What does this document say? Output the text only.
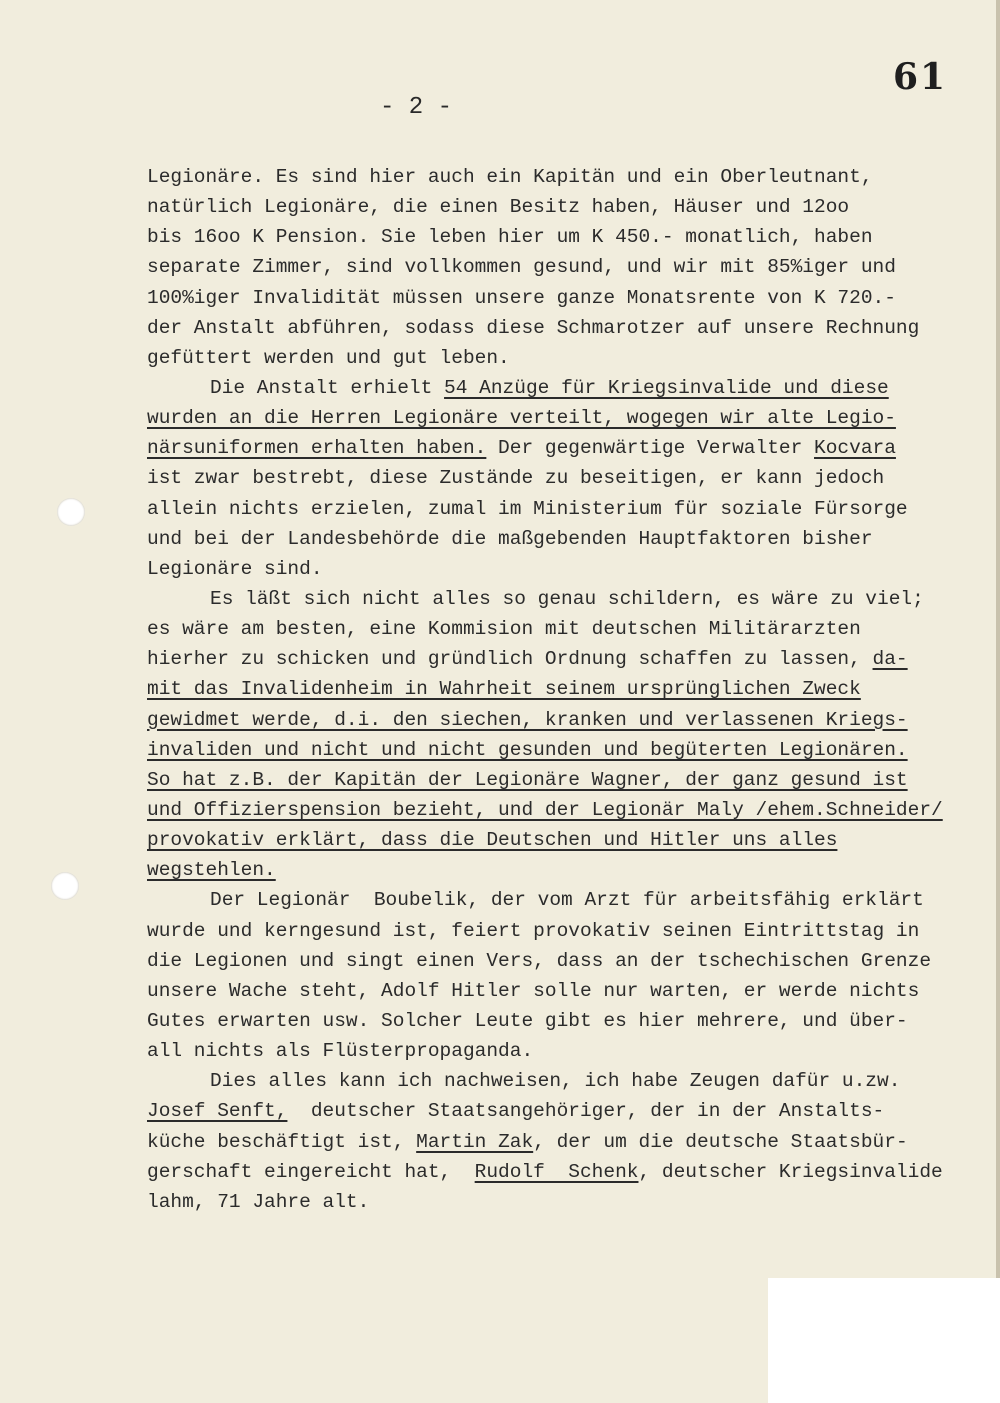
61
- 2 -
Legionäre. Es sind hier auch ein Kapitän und ein Oberleutnant,
natürlich Legionäre, die einen Besitz haben, Häuser und 12oo
bis 16oo K Pension. Sie leben hier um K 450.- monatlich, haben
separate Zimmer, sind vollkommen gesund, und wir mit 85%iger und
100%iger Invalidität müssen unsere ganze Monatsrente von K 720.-
der Anstalt abführen, sodass diese Schmarotzer auf unsere Rechnung
gefüttert werden und gut leben.
Die Anstalt erhielt 54 Anzüge für Kriegsinvalide und diese
wurden an die Herren Legionäre verteilt, wogegen wir alte Legio-
närsuniformen erhalten haben. Der gegenwärtige Verwalter Kocvara
ist zwar bestrebt, diese Zustände zu beseitigen, er kann jedoch
allein nichts erzielen, zumal im Ministerium für soziale Fürsorge
und bei der Landesbehörde die maßgebenden Hauptfaktoren bisher
Legionäre sind.
Es läßt sich nicht alles so genau schildern, es wäre zu viel;
es wäre am besten, eine Kommision mit deutschen Militärarzten
hierher zu schicken und gründlich Ordnung schaffen zu lassen, da-
mit das Invalidenheim in Wahrheit seinem ursprünglichen Zweck
gewidmet werde, d.i. den siechen, kranken und verlassenen Kriegs-
invaliden und nicht und nicht gesunden und begüterten Legionären.
So hat z.B. der Kapitän der Legionäre Wagner, der ganz gesund ist
und Offizierspension bezieht, und der Legionär Maly /ehem.Schneider/
provokativ erklärt, dass die Deutschen und Hitler uns alles
wegstehlen.
Der Legionär  Boubelik, der vom Arzt für arbeitsfähig erklärt
wurde und kerngesund ist, feiert provokativ seinen Eintrittstag in
die Legionen und singt einen Vers, dass an der tschechischen Grenze
unsere Wache steht, Adolf Hitler solle nur warten, er werde nichts
Gutes erwarten usw. Solcher Leute gibt es hier mehrere, und über-
all nichts als Flüsterpropaganda.
Dies alles kann ich nachweisen, ich habe Zeugen dafür u.zw.
Josef Senft,  deutscher Staatsangehöriger, der in der Anstalts-
küche beschäftigt ist, Martin Zak, der um die deutsche Staatsbür-
gerschaft eingereicht hat,  Rudolf  Schenk, deutscher Kriegsinvalide
lahm, 71 Jahre alt.
